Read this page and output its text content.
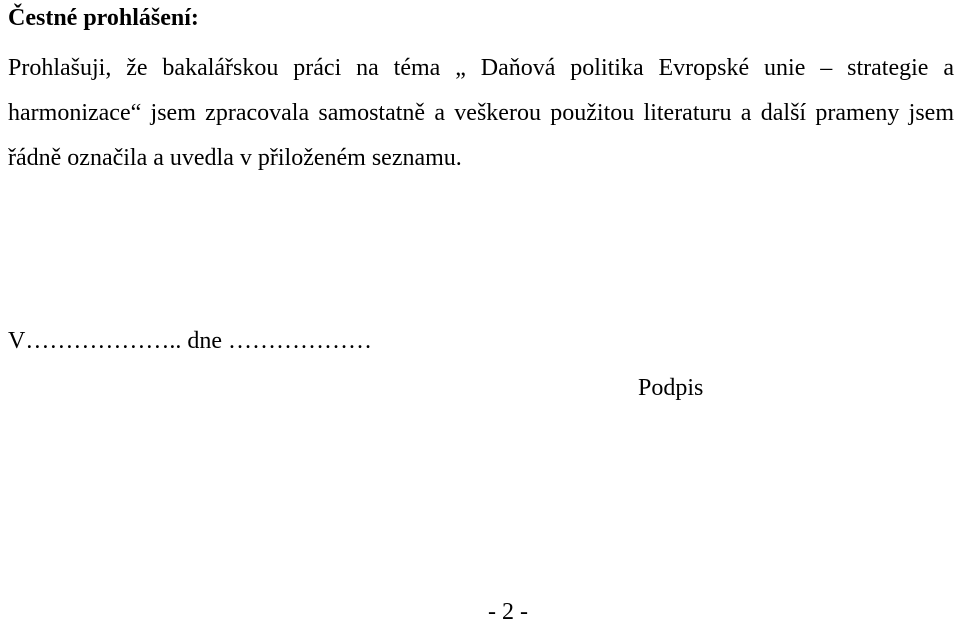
Čestné prohlášení:

Prohlašuji, že bakalářskou práci na téma „ Daňová politika Evropské unie – strategie a harmonizace“ jsem zpracovala samostatně a veškerou použitou literaturu a další prameny jsem řádně označila a uvedla v přiloženém seznamu.

V……………….. dne ………………

Podpis

- 2 -
